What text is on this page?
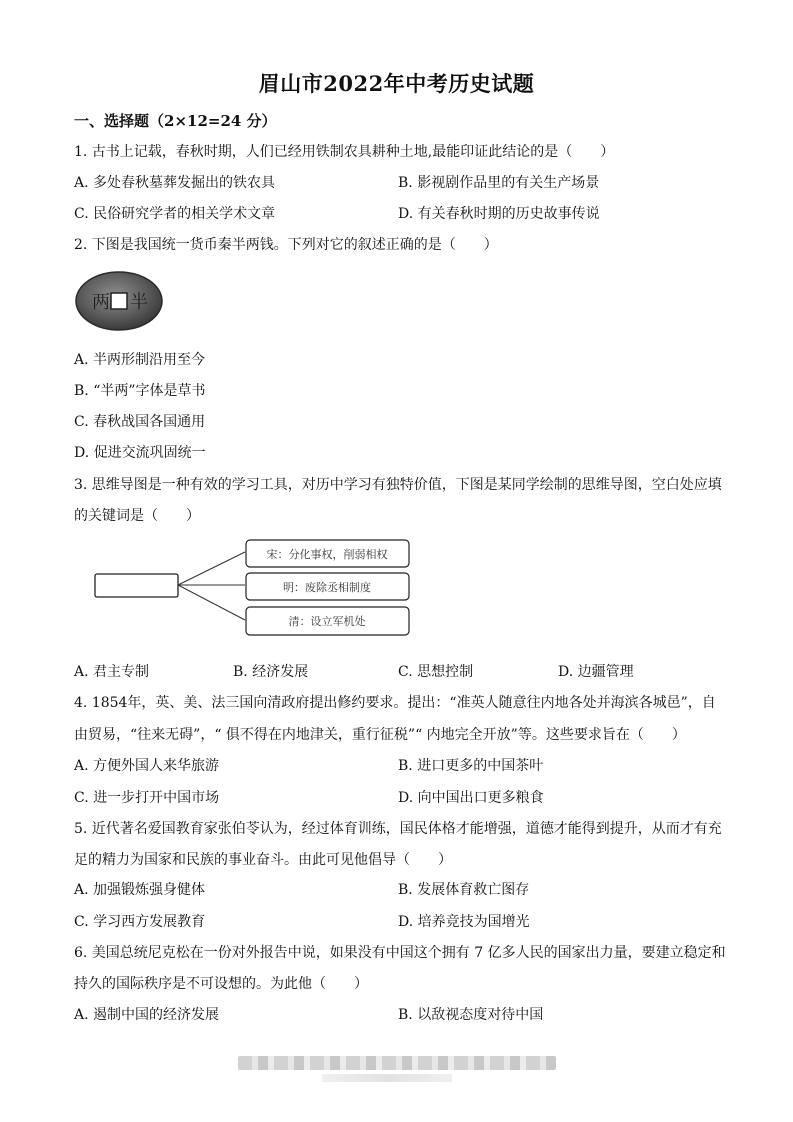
眉山市2022年中考历史试题
一、选择题（2×12=24 分）
1. 古书上记载，春秋时期，人们已经用铁制农具耕种土地,最能印证此结论的是（　　）
A. 多处春秋墓葬发掘出的铁农具	B. 影视剧作品里的有关生产场景
C. 民俗研究学者的相关学术文章	D. 有关春秋时期的历史故事传说
2. 下图是我国统一货币秦半两钱。下列对它的叙述正确的是（　　）
两 半
A. 半两形制沿用至今
B. “半两”字体是草书
C. 春秋战国各国通用
D. 促进交流巩固统一
3. 思维导图是一种有效的学习工具，对历中学习有独特价值，下图是某同学绘制的思维导图，空白处应填
的关键词是（　　）
宋：分化事权，削弱相权
明：废除丞相制度
清：设立军机处
A. 君主专制	B. 经济发展	C. 思想控制	D. 边疆管理
4. 1854年，英、美、法三国向清政府提出修约要求。提出：“准英人随意往内地各处并海滨各城邑”，自
由贸易，“往来无碍”，“ 俱不得在内地津关，重行征税”“ 内地完全开放”等。这些要求旨在（　　）
A. 方便外国人来华旅游	B. 进口更多的中国茶叶
C. 进一步打开中国市场	D. 向中国出口更多粮食
5. 近代著名爱国教育家张伯苓认为，经过体育训练，国民体格才能增强，道德才能得到提升，从而才有充
足的精力为国家和民族的事业奋斗。由此可见他倡导（　　）
A. 加强锻炼强身健体	B. 发展体育救亡图存
C. 学习西方发展教育	D. 培养竞技为国增光
6. 美国总统尼克松在一份对外报告中说，如果没有中国这个拥有 7 亿多人民的国家出力量，要建立稳定和
持久的国际秩序是不可设想的。为此他（　　）
A. 遏制中国的经济发展	B. 以敌视态度对待中国
